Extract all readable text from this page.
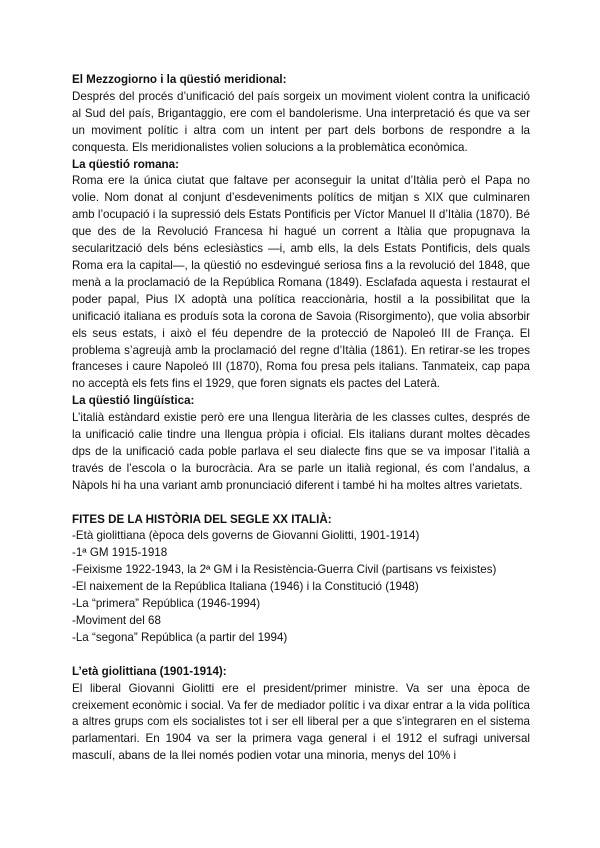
El Mezzogiorno i la qüestió meridional:

Després del procés d’unificació del país sorgeix un moviment violent contra la unificació al Sud del país, Brigantaggio, ere com el bandolerisme. Una interpretació és que va ser un moviment polític i altra com un intent per part dels borbons de respondre a la conquesta. Els meridionalistes volien solucions a la problemàtica econòmica.

La qüestió romana:

Roma ere la única ciutat que faltave per aconseguir la unitat d’Itàlia però el Papa no volie. Nom donat al conjunt d’esdeveniments polítics de mitjan s XIX que culminaren amb l’ocupació i la supressió dels Estats Pontificis per Víctor Manuel II d’Itàlia (1870). Bé que des de la Revolució Francesa hi hagué un corrent a Itàlia que propugnava la secularització dels béns eclesiàstics —i, amb ells, la dels Estats Pontificis, dels quals Roma era la capital—, la qüestió no esdevingué seriosa fins a la revolució del 1848, que menà a la proclamació de la República Romana (1849). Esclafada aquesta i restaurat el poder papal, Pius IX adoptà una política reaccionària, hostil a la possibilitat que la unificació italiana es produís sota la corona de Savoia (Risorgimento), que volia absorbir els seus estats, i això el féu dependre de la protecció de Napoleó III de França. El problema s’agreujà amb la proclamació del regne d’Itàlia (1861). En retirar-se les tropes franceses i caure Napoleó III (1870), Roma fou presa pels italians. Tanmateix, cap papa no acceptà els fets fins el 1929, que foren signats els pactes del Laterà.

La qüestió lingüística:

L’italià estàndard existie però ere una llengua literària de les classes cultes, després de la unificació calie tindre una llengua pròpia i oficial. Els italians durant moltes dècades dps de la unificació cada poble parlava el seu dialecte fins que se va imposar l’italià a través de l’escola o la burocràcia. Ara se parle un italià regional, és com l’andalus, a Nàpols hi ha una variant amb pronunciació diferent i també hi ha moltes altres varietats.

FITES DE LA HISTÒRIA DEL SEGLE XX ITALIÀ:

-Età giolittiana (època dels governs de Giovanni Giolitti, 1901-1914)
-1ª GM 1915-1918
-Feixisme 1922-1943, la 2ª GM i la Resistència-Guerra Civil (partisans vs feixistes)
-El naixement de la República Italiana (1946) i la Constitució (1948)
-La “primera” República (1946-1994)
-Moviment del 68
-La “segona” República (a partir del 1994)

L’età giolittiana (1901-1914):

El liberal Giovanni Giolitti ere el president/primer ministre. Va ser una època de creixement econòmic i social. Va fer de mediador polític i va dixar entrar a la vida política a altres grups com els socialistes tot i ser ell liberal per a que s’integraren en el sistema parlamentari. En 1904 va ser la primera vaga general i el 1912 el sufragi universal masculí, abans de la llei només podien votar una minoria, menys del 10% i
